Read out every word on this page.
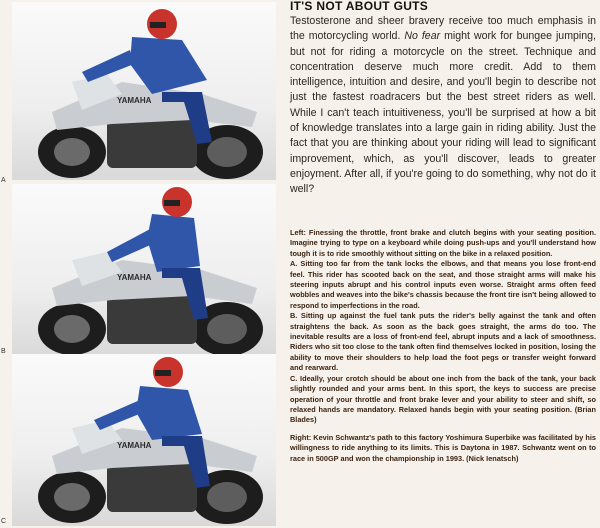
YAMAHA
A
YAMAHA
B
YAMAHA
C
IT'S NOT ABOUT GUTS

Testosterone and sheer bravery receive too much emphasis in the motorcycling world. No fear might work for bungee jumping, but not for riding a motorcycle on the street. Technique and concentration deserve much more credit. Add to them intelligence, intuition and desire, and you'll begin to describe not just the fastest roadracers but the best street riders as well. While I can't teach intuitiveness, you'll be surprised at how a bit of knowledge translates into a large gain in riding ability. Just the fact that you are thinking about your riding will lead to significant improvement, which, as you'll discover, leads to greater enjoyment. After all, if you're going to do something, why not do it well?

Left: Finessing the throttle, front brake and clutch begins with your seating position. Imagine trying to type on a keyboard while doing push-ups and you'll understand how tough it is to ride smoothly without sitting on the bike in a relaxed position.

A. Sitting too far from the tank locks the elbows, and that means you lose front-end feel. This rider has scooted back on the seat, and those straight arms will make his steering inputs abrupt and his control inputs even worse. Straight arms often feed wobbles and weaves into the bike's chassis because the front tire isn't being allowed to respond to imperfections in the road.

B. Sitting up against the fuel tank puts the rider's belly against the tank and often straightens the back. As soon as the back goes straight, the arms do too. The inevitable results are a loss of front-end feel, abrupt inputs and a lack of smoothness. Riders who sit too close to the tank often find themselves locked in position, losing the ability to move their shoulders to help load the foot pegs or transfer weight forward and rearward.

C. Ideally, your crotch should be about one inch from the back of the tank, your back slightly rounded and your arms bent. In this sport, the keys to success are precise operation of your throttle and front brake lever and your ability to steer and shift, so relaxed hands are mandatory. Relaxed hands begin with your seating position. (Brian Blades)

Right: Kevin Schwantz's path to this factory Yoshimura Superbike was facilitated by his willingness to ride anything to its limits. This is Daytona in 1987. Schwantz went on to race in 500GP and won the championship in 1993. (Nick Ienatsch)
